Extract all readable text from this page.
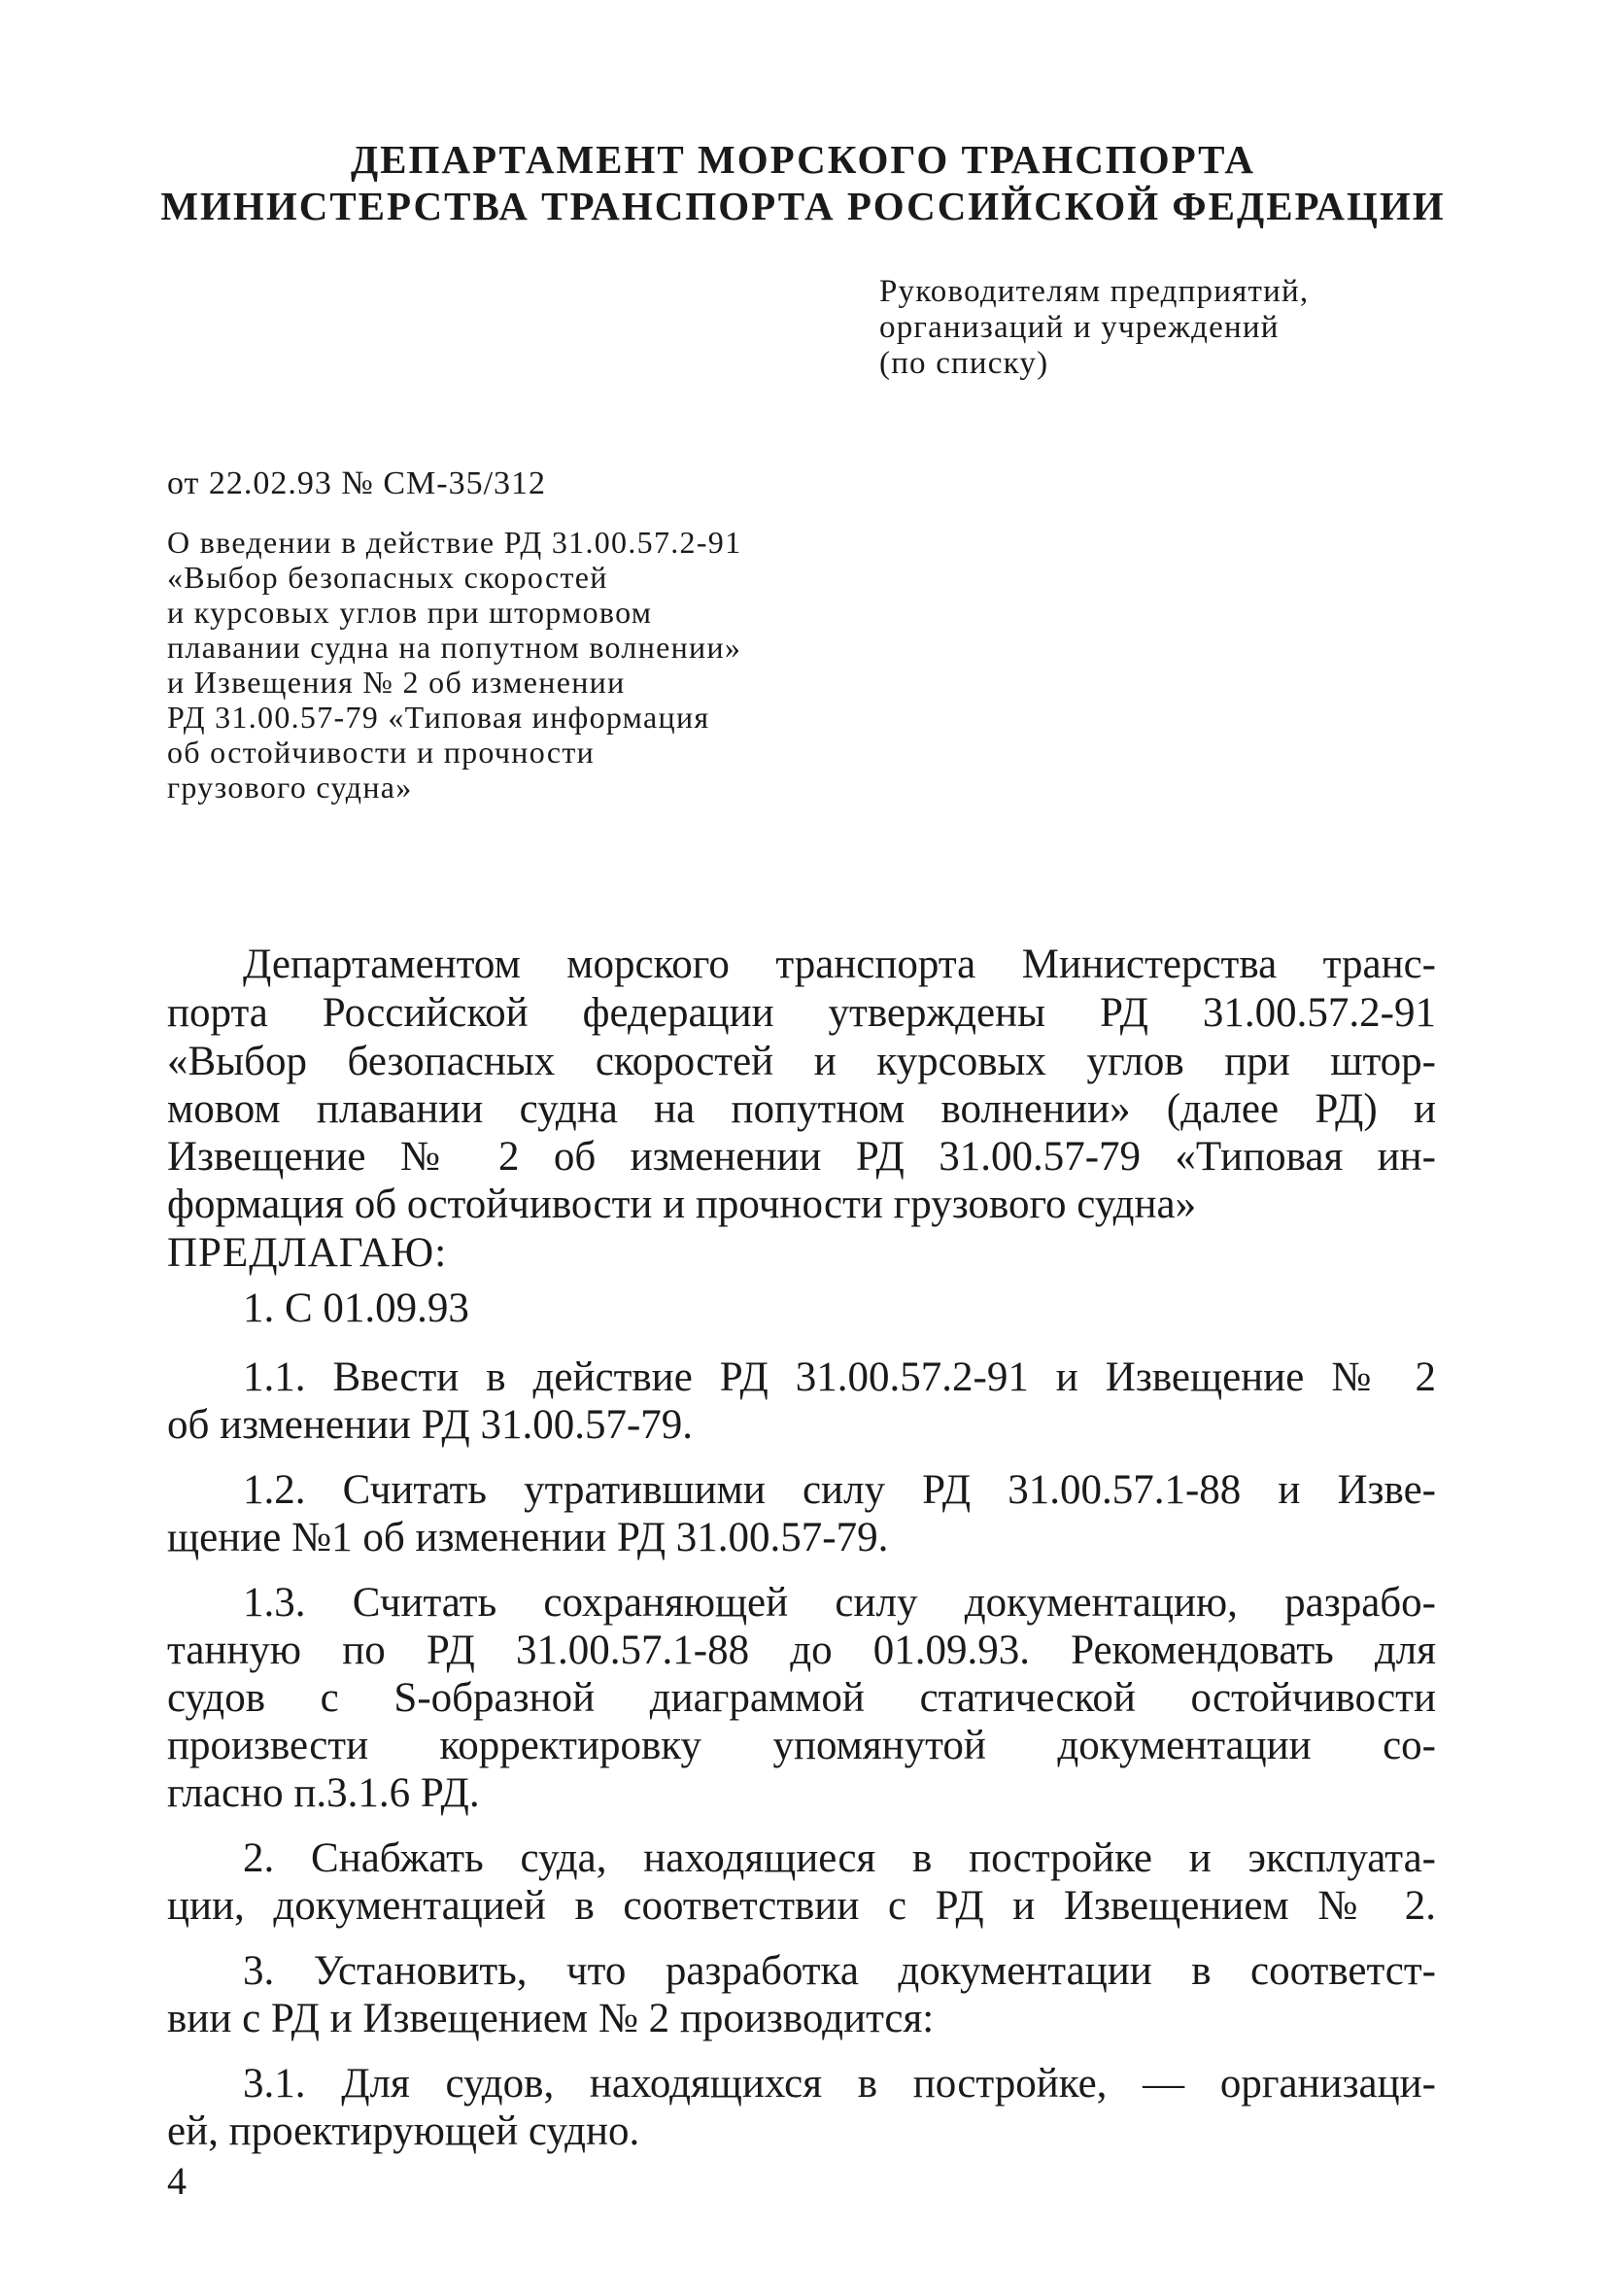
ДЕПАРТАМЕНТ МОРСКОГО ТРАНСПОРТА
МИНИСТЕРСТВА ТРАНСПОРТА РОССИЙСКОЙ ФЕДЕРАЦИИ
Руководителям предприятий,
организаций и учреждений
(по списку)
от 22.02.93 № СМ-35/312
О введении в действие РД 31.00.57.2-91
«Выбор безопасных скоростей
и курсовых углов при штормовом
плавании судна на попутном волнении»
и Извещения № 2 об изменении
РД 31.00.57-79 «Типовая информация
об остойчивости и прочности
грузового судна»
Департаментом морского транспорта Министерства транс-
порта Российской федерации утверждены РД 31.00.57.2-91
«Выбор безопасных скоростей и курсовых углов при штор-
мовом плавании судна на попутном волнении» (далее РД) и
Извещение № 2 об изменении РД 31.00.57-79 «Типовая ин-
формация об остойчивости и прочности грузового судна»
ПРЕДЛАГАЮ:
1. С 01.09.93
1.1. Ввести в действие РД 31.00.57.2-91 и Извещение № 2
об изменении РД 31.00.57-79.
1.2. Считать утратившими силу РД 31.00.57.1-88 и Изве-
щение №1 об изменении РД 31.00.57-79.
1.3. Считать сохраняющей силу документацию, разрабо-
танную по РД 31.00.57.1-88 до 01.09.93. Рекомендовать для
судов с S-образной диаграммой статической остойчивости
произвести корректировку упомянутой документации со-
гласно п.3.1.6 РД.
2. Снабжать суда, находящиеся в постройке и эксплуата-
ции, документацией в соответствии с РД и Извещением № 2.
3. Установить, что разработка документации в соответст-
вии с РД и Извещением № 2 производится:
3.1. Для судов, находящихся в постройке, — организаци-
ей, проектирующей судно.
4
